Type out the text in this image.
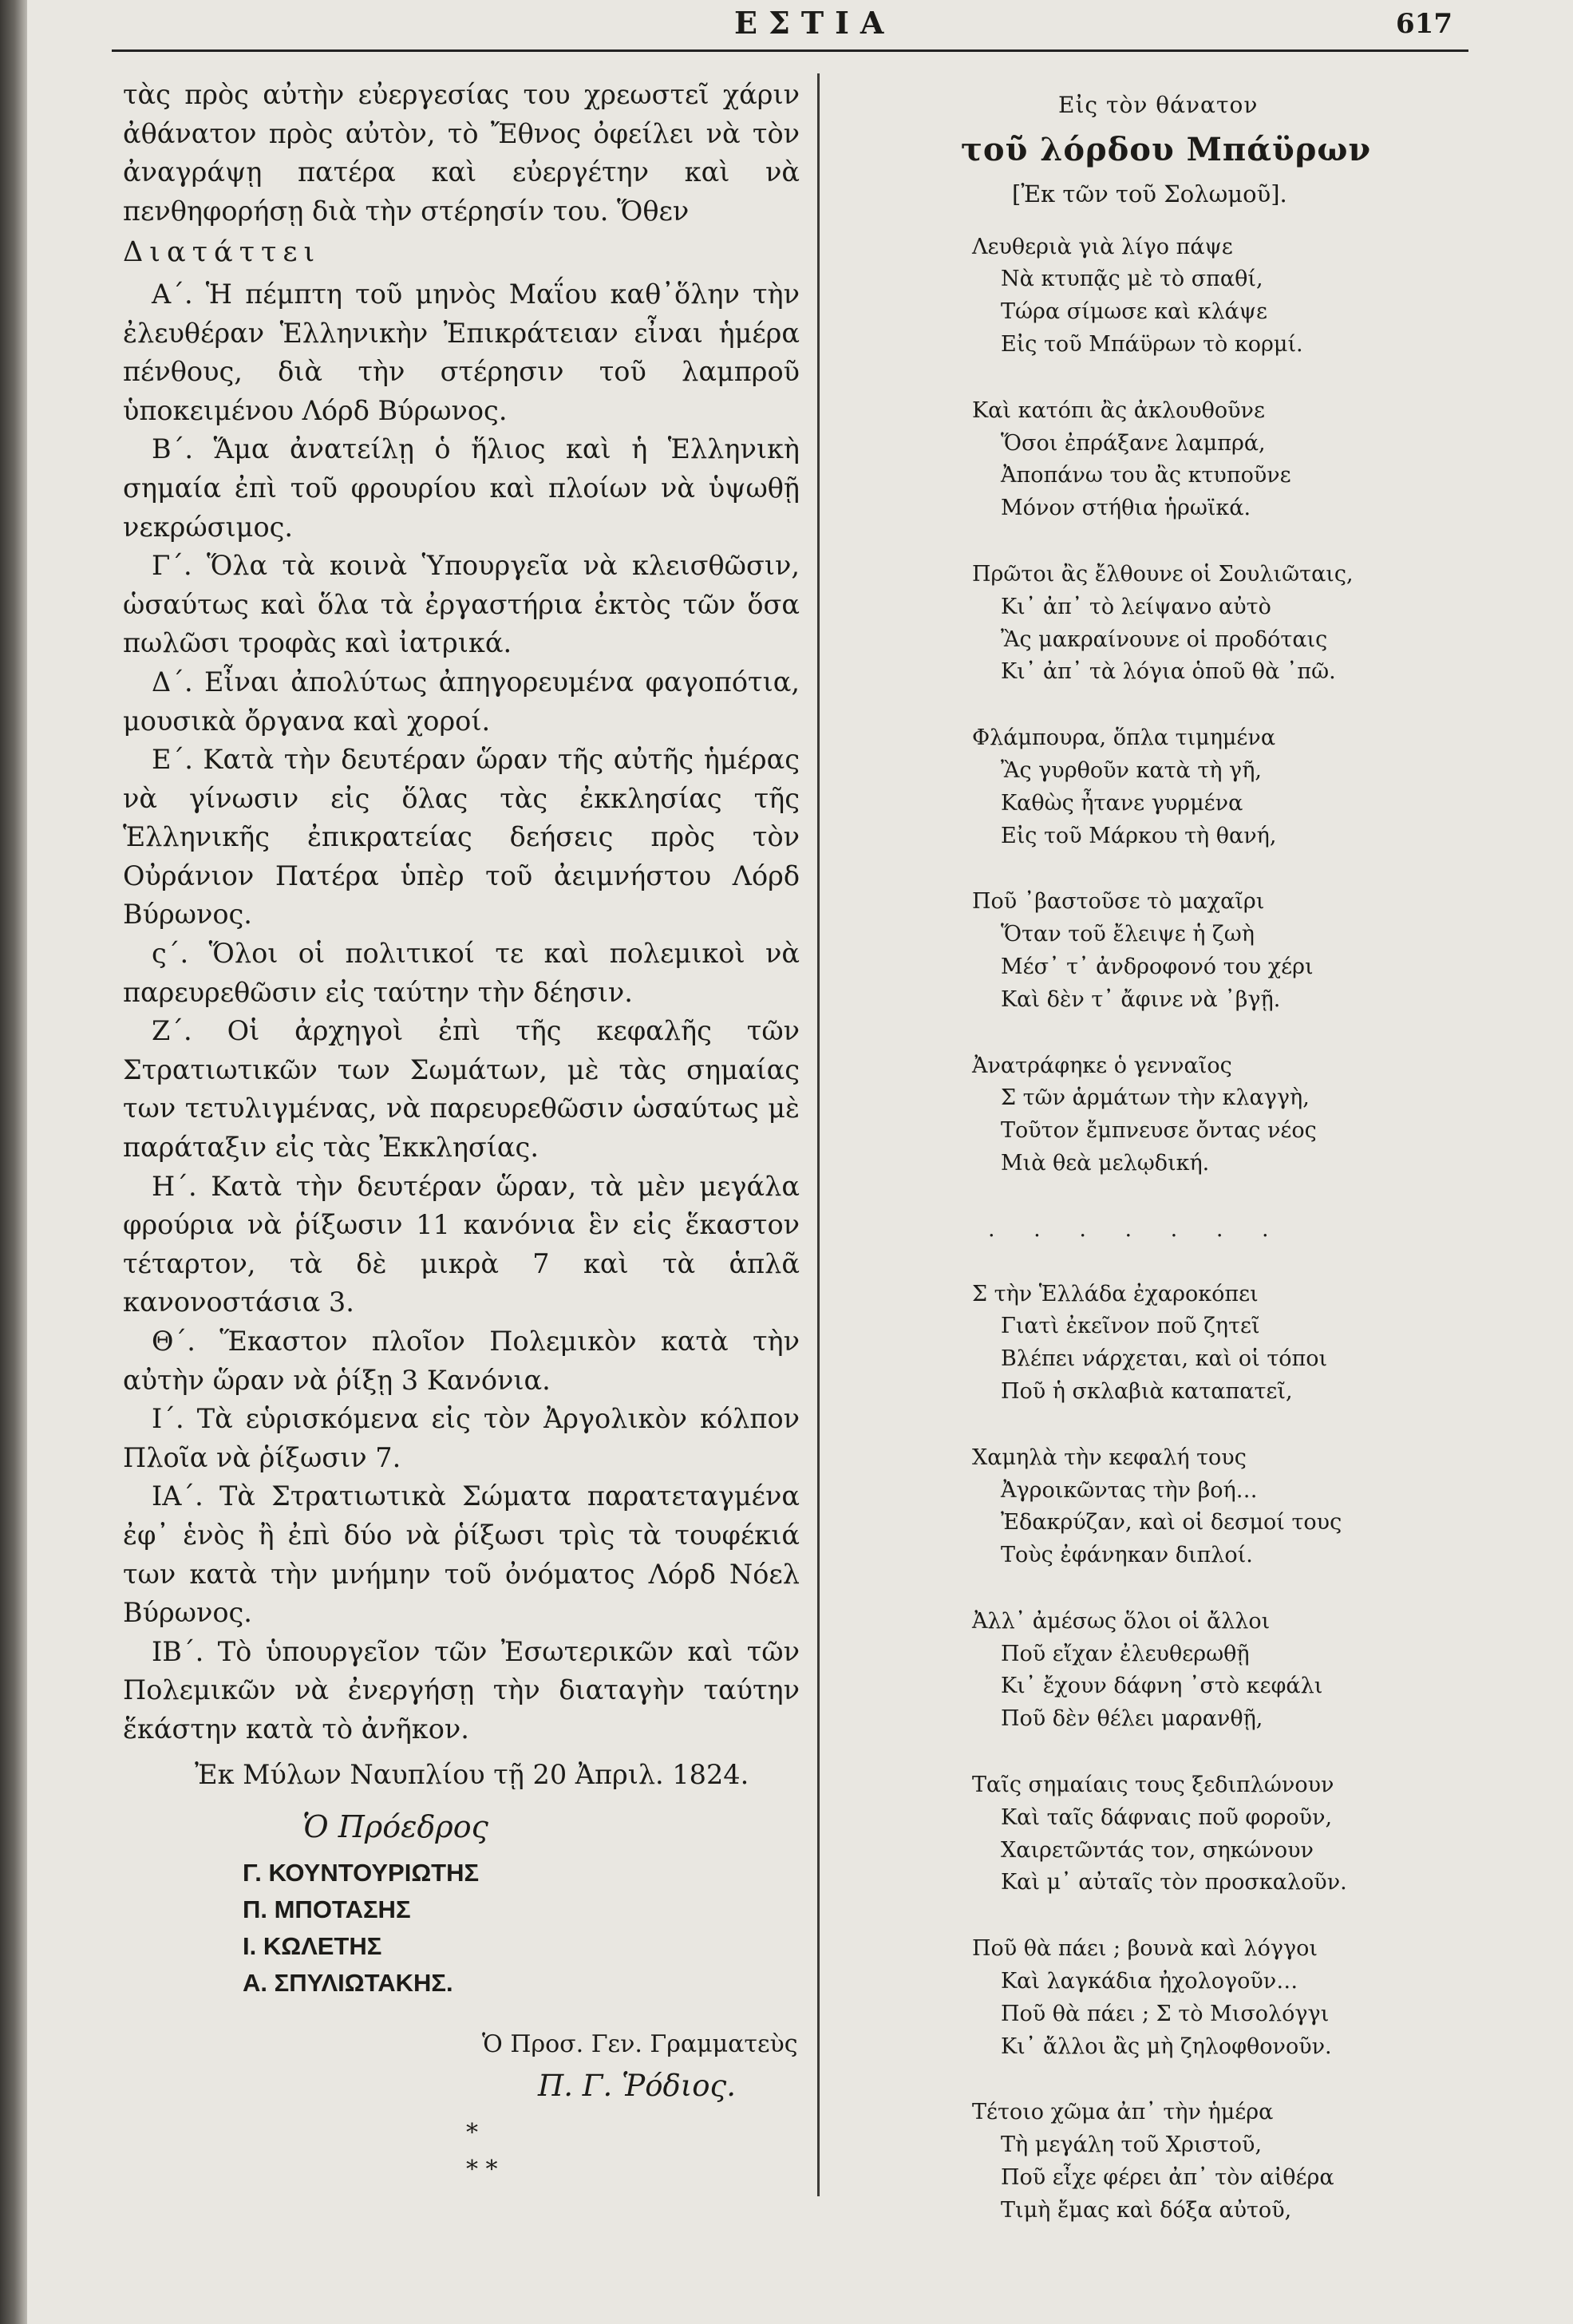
ΕΣΤΙΑ	617

τὰς πρὸς αὐτὴν εὐεργεσίας του χρεωστεῖ χάριν ἀθάνατον πρὸς αὐτὸν, τὸ Ἔθνος ὀφείλει νὰ τὸν ἀναγράψῃ πατέρα καὶ εὐεργέτην καὶ νὰ πενθηφορήσῃ διὰ τὴν στέρησίν του. Ὅθεν

Διατάττει

Α΄. Ἡ πέμπτη τοῦ μηνὸς Μαΐου καθ᾽ὅλην τὴν ἐλευθέραν Ἑλληνικὴν Ἐπικράτειαν εἶναι ἡμέρα πένθους, διὰ τὴν στέρησιν τοῦ λαμπροῦ ὑποκειμένου Λόρδ Βύρωνος.

Β΄. Ἅμα ἀνατείλῃ ὁ ἥλιος καὶ ἡ Ἑλληνικὴ σημαία ἐπὶ τοῦ φρουρίου καὶ πλοίων νὰ ὑψωθῇ νεκρώσιμος.

Γ΄. Ὅλα τὰ κοινὰ Ὑπουργεῖα νὰ κλεισθῶσιν, ὡσαύτως καὶ ὅλα τὰ ἐργαστήρια ἐκτὸς τῶν ὅσα πωλῶσι τροφὰς καὶ ἰατρικά.

Δ΄. Εἶναι ἀπολύτως ἀπηγορευμένα φαγοπότια, μουσικὰ ὄργανα καὶ χοροί.

Ε΄. Κατὰ τὴν δευτέραν ὥραν τῆς αὐτῆς ἡμέρας νὰ γίνωσιν εἰς ὅλας τὰς ἐκκλησίας τῆς Ἑλληνικῆς ἐπικρατείας δεήσεις πρὸς τὸν Οὐράνιον Πατέρα ὑπὲρ τοῦ ἀειμνήστου Λόρδ Βύρωνος.

ς΄. Ὅλοι οἱ πολιτικοί τε καὶ πολεμικοὶ νὰ παρευρεθῶσιν εἰς ταύτην τὴν δέησιν.

Ζ΄. Οἱ ἀρχηγοὶ ἐπὶ τῆς κεφαλῆς τῶν Στρατιωτικῶν των Σωμάτων, μὲ τὰς σημαίας των τετυλιγμένας, νὰ παρευρεθῶσιν ὡσαύτως μὲ παράταξιν εἰς τὰς Ἐκκλησίας.

Η΄. Κατὰ τὴν δευτέραν ὥραν, τὰ μὲν μεγάλα φρούρια νὰ ῥίξωσιν 11 κανόνια ἓν εἰς ἕκαστον τέταρτον, τὰ δὲ μικρὰ 7 καὶ τὰ ἁπλᾶ κανονοστάσια 3.

Θ΄. Ἕκαστον πλοῖον Πολεμικὸν κατὰ τὴν αὐτὴν ὥραν νὰ ῥίξῃ 3 Κανόνια.

Ι΄. Τὰ εὑρισκόμενα εἰς τὸν Ἀργολικὸν κόλπον Πλοῖα νὰ ῥίξωσιν 7.

ΙΑ΄. Τὰ Στρατιωτικὰ Σώματα παρατεταγμένα ἐφ᾽ ἑνὸς ἢ ἐπὶ δύο νὰ ῥίξωσι τρὶς τὰ τουφέκιά των κατὰ τὴν μνήμην τοῦ ὀνόματος Λόρδ Νόελ Βύρωνος.

ΙΒ΄. Τὸ ὑπουργεῖον τῶν Ἐσωτερικῶν καὶ τῶν Πολεμικῶν νὰ ἐνεργήσῃ τὴν διαταγὴν ταύτην ἕκάστην κατὰ τὸ ἀνῆκον.

Ἐκ Μύλων Ναυπλίου τῇ 20 Ἀπριλ. 1824.

Ὁ Πρόεδρος

Γ. ΚΟΥΝΤΟΥΡΙΩΤΗΣ

Π. ΜΠΟΤΑΣΗΣ

Ι. ΚΩΛΕΤΗΣ

Α. ΣΠΥΛΙΩΤΑΚΗΣ.

Ὁ Προσ. Γεν. Γραμματεὺς

Π. Γ. Ῥόδιος.

*

* *

Εἰς τὸν θάνατον
τοῦ λόρδου Μπάϋρων
[Ἐκ τῶν τοῦ Σολωμοῦ].

Λευθεριὰ γιὰ λίγο πάψε

Νὰ κτυπᾷς μὲ τὸ σπαθί,

Τώρα σίμωσε καὶ κλάψε

Εἰς τοῦ Μπάϋρων τὸ κορμί.

Καὶ κατόπι ἂς ἀκλουθοῦνε

Ὅσοι ἐπράξανε λαμπρά,

Ἀποπάνω του ἂς κτυποῦνε

Μόνον στήθια ἡρωϊκά.

Πρῶτοι ἂς ἔλθουνε οἱ Σουλιῶταις,

Κι᾽ ἀπ᾽ τὸ λείψανο αὐτὸ

Ἂς μακραίνουνε οἱ προδόταις

Κι᾽ ἀπ᾽ τὰ λόγια ὁποῦ θὰ ᾽πῶ.

Φλάμπουρα, ὅπλα τιμημένα

Ἂς γυρθοῦν κατὰ τὴ γῆ,

Καθὼς ἦτανε γυρμένα

Εἰς τοῦ Μάρκου τὴ θανή,

Ποῦ ᾽βαστοῦσε τὸ μαχαῖρι

Ὅταν τοῦ ἔλειψε ἡ ζωὴ

Μέσ᾽ τ᾽ ἀνδροφονό του χέρι

Καὶ δὲν τ᾽ ἄφινε νὰ ᾽βγῇ.

Ἀνατράφηκε ὁ γενναῖος

Σ τῶν ἁρμάτων τὴν κλαγγὴ,

Τοῦτον ἔμπνευσε ὄντας νέος

Μιὰ θεὰ μελῳδική.

. . . . . . .

Σ τὴν Ἑλλάδα ἐχαροκόπει

Γιατὶ ἐκεῖνον ποῦ ζητεῖ

Βλέπει νάρχεται, καὶ οἱ τόποι

Ποῦ ἡ σκλαβιὰ καταπατεῖ,

Χαμηλὰ τὴν κεφαλή τους

Ἀγροικῶντας τὴν βοή…

Ἐδακρύζαν, καὶ οἱ δεσμοί τους

Τοὺς ἐφάνηκαν διπλοί.

Ἀλλ᾽ ἀμέσως ὅλοι οἱ ἄλλοι

Ποῦ εἴχαν ἐλευθερωθῇ

Κι᾽ ἔχουν δάφνη ᾽στὸ κεφάλι

Ποῦ δὲν θέλει μαρανθῇ,

Ταῖς σημαίαις τους ξεδιπλώνουν

Καὶ ταῖς δάφναις ποῦ φοροῦν,

Χαιρετῶντάς τον, σηκώνουν

Καὶ μ᾽ αὐταῖς τὸν προσκαλοῦν.

Ποῦ θὰ πάει ; βουνὰ καὶ λόγγοι

Καὶ λαγκάδια ἠχολογοῦν…

Ποῦ θὰ πάει ; Σ τὸ Μισολόγγι

Κι᾽ ἄλλοι ἂς μὴ ζηλοφθονοῦν.

Τέτοιο χῶμα ἀπ᾽ τὴν ἡμέρα

Τὴ μεγάλη τοῦ Χριστοῦ,

Ποῦ εἶχε φέρει ἀπ᾽ τὸν αἰθέρα

Τιμὴ ἔμας καὶ δόξα αὐτοῦ,
